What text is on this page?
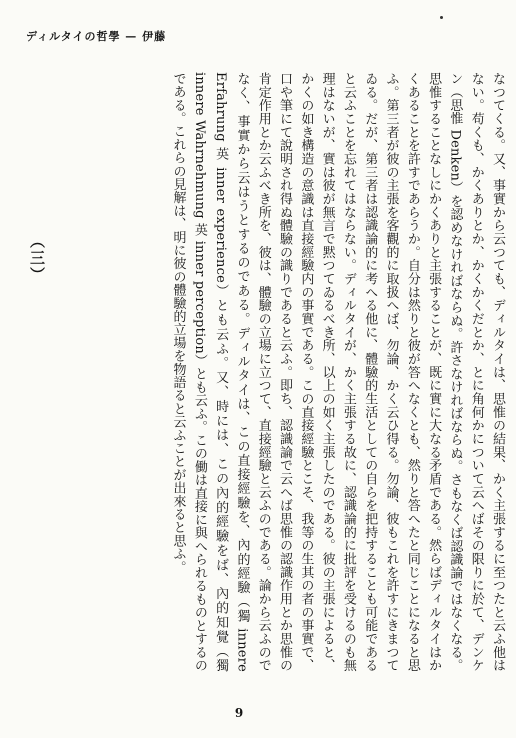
ディルタイの哲學 — 伊藤
（三）	なつてくる。又、事實から云つても、ディルタイは、思惟の結果、かく主張するに至つたと云ふ他はない。苟くも、かくありとか、かくかくだとか、とに角何かについて云へばその限りに於て、デンケン（思惟 Denken）を認めなければならぬ。許さなければならぬ。さもなくば認識論ではなくなる。思惟することなしにかくありと主張することが、既に實に大なる矛盾である。然らばディルタイはかくあることを許すであらうか。自分は然りと彼が答へなくとも、然りと答へたと同じことになると思ふ。第三者が彼の主張を客觀的に取扱へば、勿論、かく云ひ得る。勿論、彼もこれを許すにきまつてゐる。だが、第三者は認識論的に考へる他に、體驗的生活としての自らを把持することも可能であると云ふことを忘れてはならない。ディルタイが、かく主張する故に、認識論的に批評を受けるのも無理はないが、實は彼が無言で黙つてゐるべき所、以上の如く主張したのである。彼の主張によると、かくの如き構造の意識は直接經驗内の事實である。この直接經驗とこそ、我等の生其の者の事實で、口や筆にて說明され得ぬ體驗の識りであると云ふ。即ち、認識論で云へば思惟の認識作用とか思惟の肯定作用とか云ふべき所を、彼は、體驗の立場に立つて、直接經驗と云ふのである。論から云ふのでなく、事實から云はうとするのである。ディルタイは、この直接經驗を、內的經驗（獨 innere Erfahrung 英 inner experience）とも云ふ。又、時には、この內的經驗をば、內的知覺（獨 innere Wahrnehmung 英 inner perception）とも云ふ。この働は直接に與へられるものとするのである。これらの見解は、明に彼の體驗的立場を物語ると云ふことが出來ると思ふ。

9
